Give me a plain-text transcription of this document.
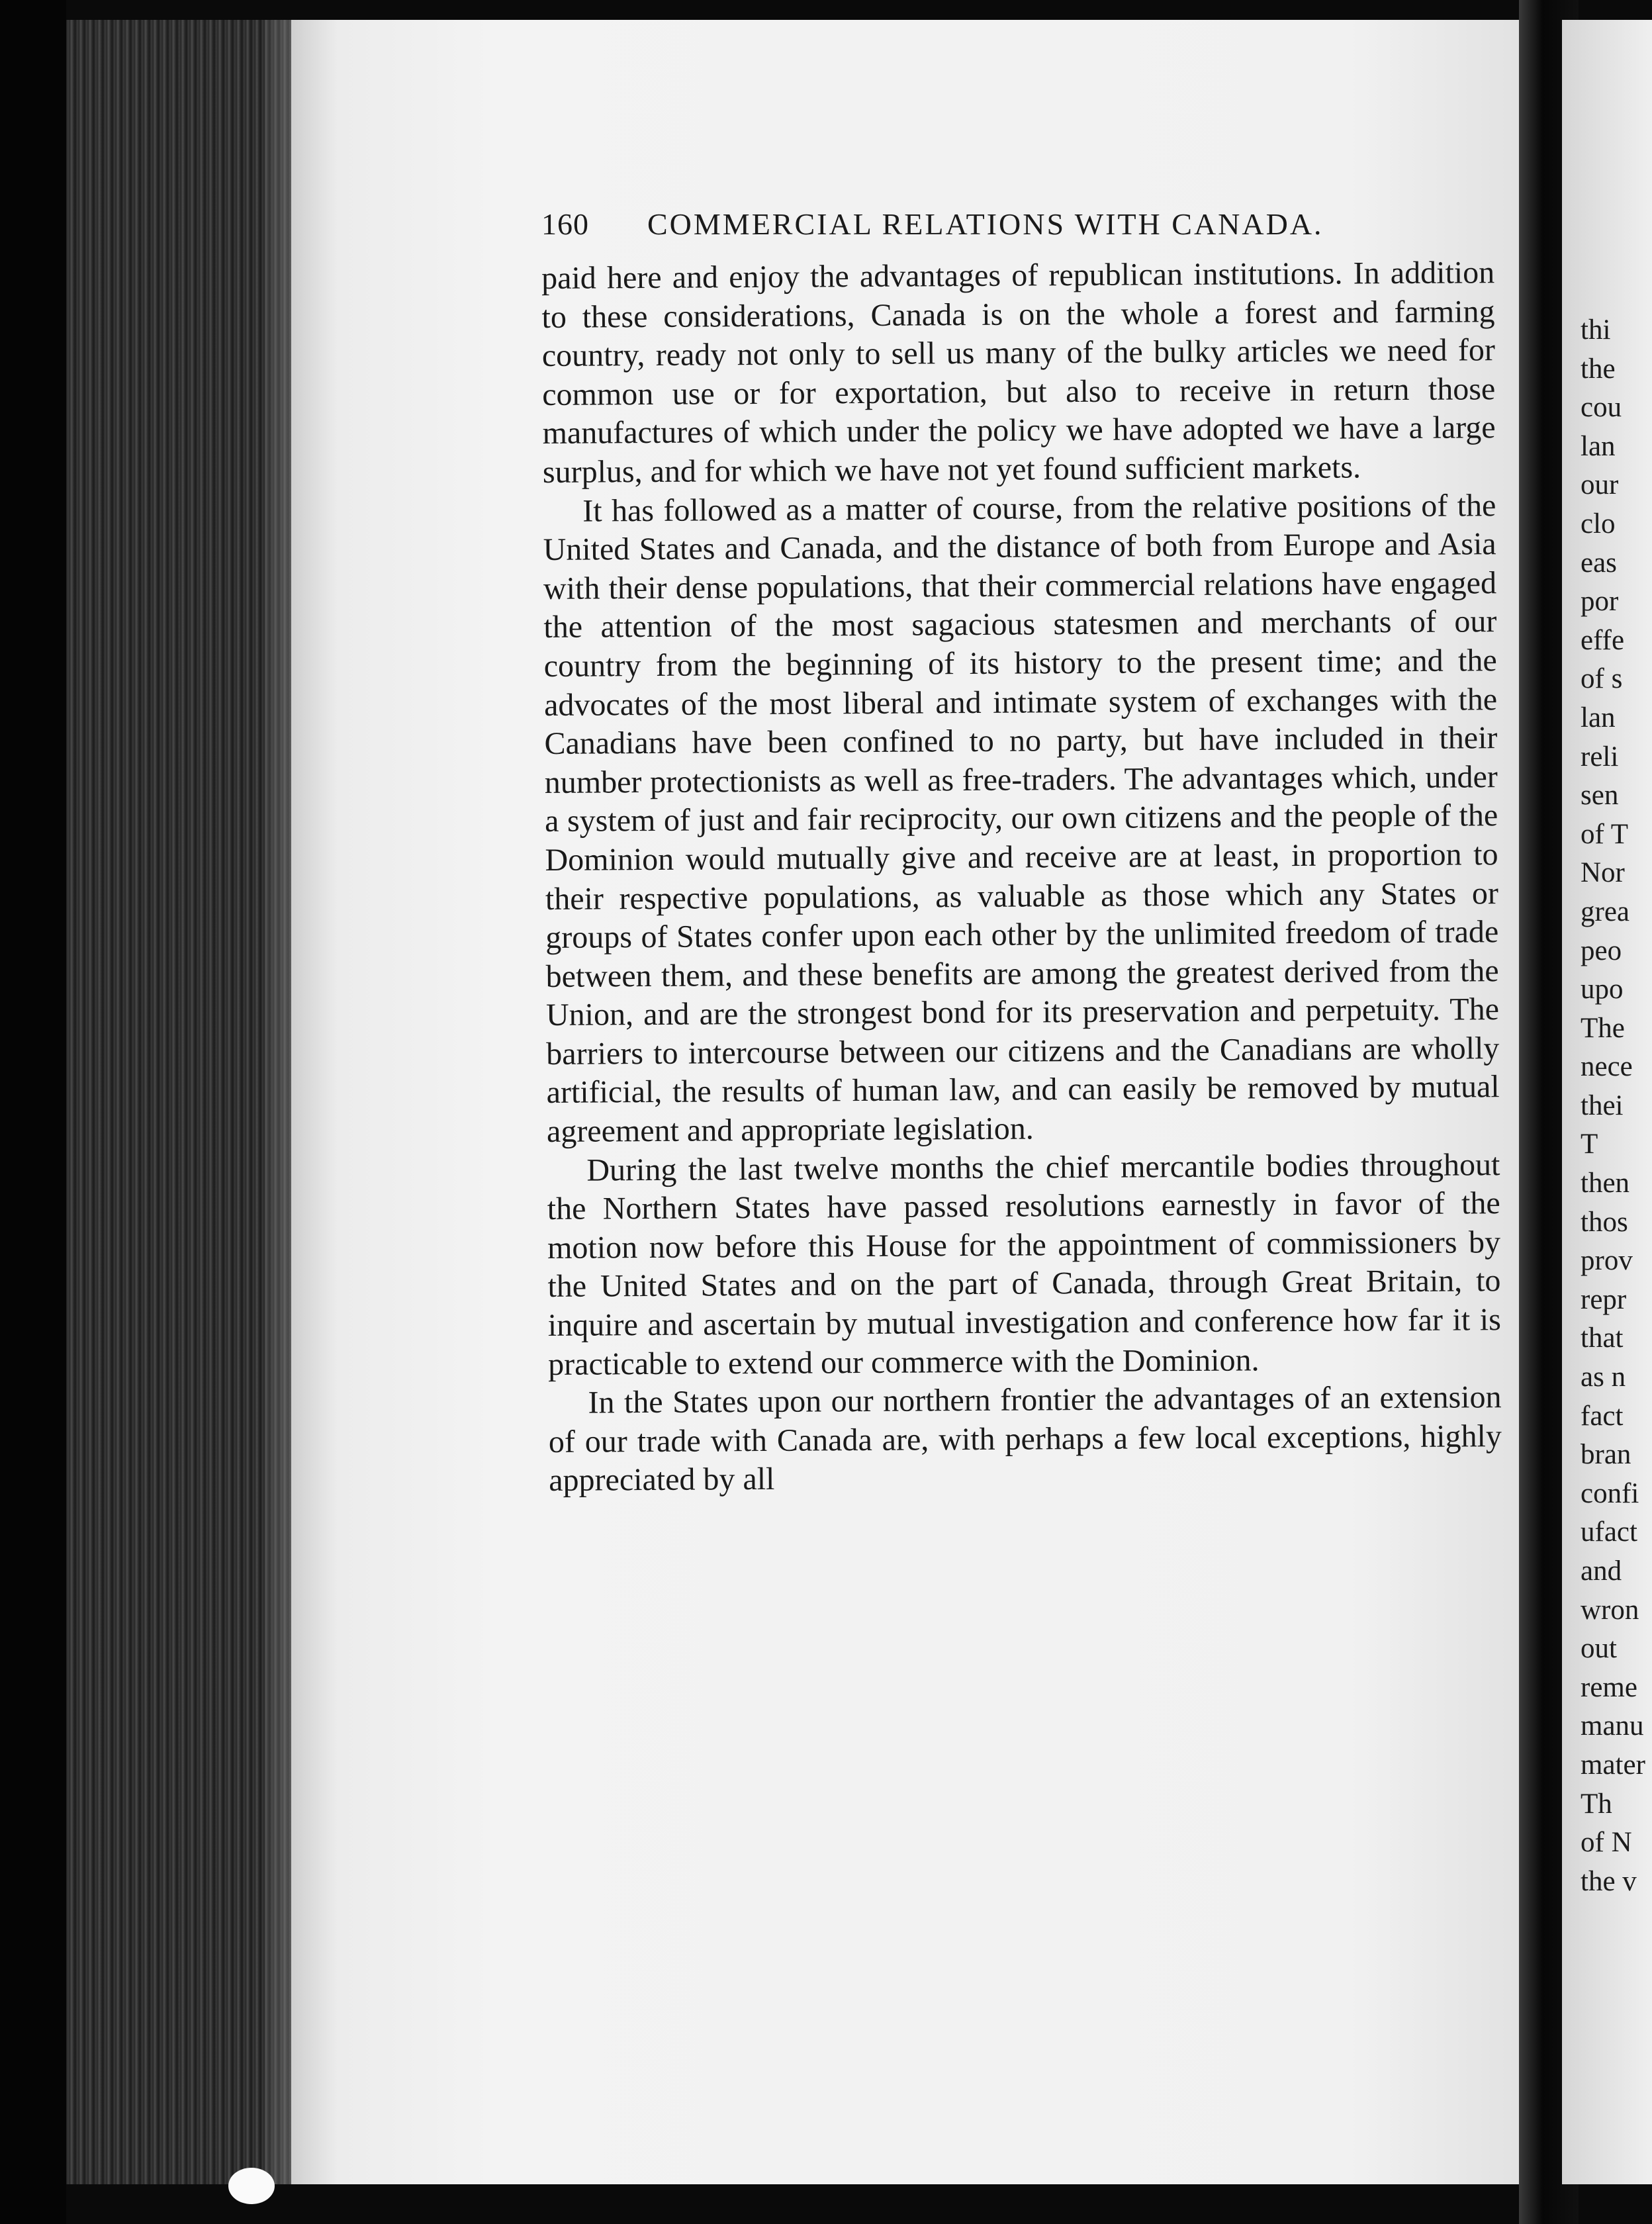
thi
the
cou
lan
our
clo
eas
por
effe
of s
lan
reli
sen
of T
Nor
grea
peo
upo
The
nece
thei
T
then
thos
prov
repr
that
as n
fact
bran
confi
ufact
and
wron
out
reme
manu
mater
Th
of N
the v
160 COMMERCIAL RELATIONS WITH CANADA.

paid here and enjoy the advantages of republican institutions. In addition to these considerations, Canada is on the whole a forest and farming country, ready not only to sell us many of the bulky articles we need for common use or for exportation, but also to receive in return those manufactures of which under the policy we have adopted we have a large surplus, and for which we have not yet found sufficient markets.

It has followed as a matter of course, from the relative positions of the United States and Canada, and the distance of both from Europe and Asia with their dense populations, that their commercial relations have engaged the attention of the most sagacious statesmen and merchants of our country from the beginning of its history to the present time; and the advocates of the most liberal and intimate system of exchanges with the Canadians have been confined to no party, but have included in their number protectionists as well as free-traders. The advantages which, under a system of just and fair reciprocity, our own citizens and the people of the Dominion would mutually give and receive are at least, in proportion to their respective populations, as valuable as those which any States or groups of States confer upon each other by the unlimited freedom of trade between them, and these benefits are among the greatest derived from the Union, and are the strongest bond for its preservation and perpetuity. The barriers to intercourse between our citizens and the Canadians are wholly artificial, the results of human law, and can easily be removed by mutual agreement and appropriate legislation.

During the last twelve months the chief mercantile bodies throughout the Northern States have passed resolutions earnestly in favor of the motion now before this House for the appointment of commissioners by the United States and on the part of Canada, through Great Britain, to inquire and ascertain by mutual investigation and conference how far it is practicable to extend our commerce with the Dominion.

In the States upon our northern frontier the advantages of an extension of our trade with Canada are, with perhaps a few local exceptions, highly appreciated by all
